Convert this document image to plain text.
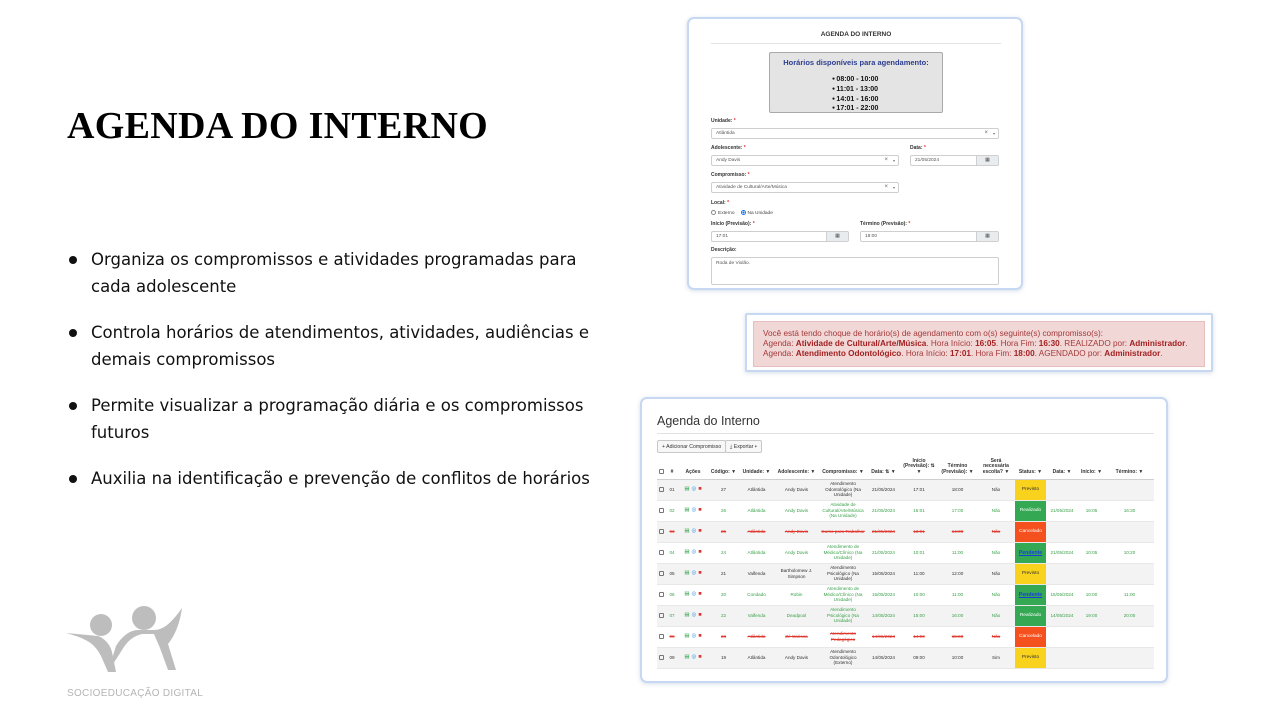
AGENDA DO INTERNO
Organiza os compromissos e atividades programadas para cada adolescente
Controla horários de atendimentos, atividades, audiências e demais compromissos
Permite visualizar a programação diária e os compromissos futuros
Auxilia na identificação e prevenção de conflitos de horários
SOCIOEDUCAÇÃO DIGITAL
AGENDA DO INTERNO
Horários disponíveis para agendamento:
● 08:00 - 10:00
● 11:01 - 13:00
● 14:01 - 16:00
● 17:01 - 22:00
Unidade: *
Atlântida	× ▾
Adolescente: *
Andy Davis	× ▾
Data: *
21/05/2024	▦
Compromisso: *
Atividade de Cultural/Arte/Música	× ▾
Local: *
Externo	Na Unidade
Início (Previsão): *
17:01	▦
Término (Previsão): *
18:00	▦
Descrição:
Roda de Violão.
Você está tendo choque de horário(s) de agendamento com o(s) seguinte(s) compromisso(s):
Agenda: Atividade de Cultural/Arte/Música. Hora Início: 16:05. Hora Fim: 16:30. REALIZADO por: Administrador.
Agenda: Atendimento Odontológico. Hora Início: 17:01. Hora Fim: 18:00. AGENDADO por: Administrador.
Agenda do Interno
+ Adicionar Compromisso	⤓ Exportar ▾
	#	Ações	Código: ▼	Unidade: ▼	Adolescente: ▼	Compromisso: ▼	Data: ⇅ ▼	Início (Previsão): ⇅ ▼	Término (Previsão): ▼	Será necessária escolta? ▼	Status: ▼	Data: ▼	Início: ▼	Término: ▼
	01	▤ ◎ ■	27	Atlântida	Andy Davis	Atendimento Odontológico (Na Unidade)	21/05/2024	17:01	18:00	Não	Previsto			

	02	▤ ◎ ■	26	Atlântida	Andy Davis	Atividade de Cultural/Arte/Música (Na Unidade)	21/05/2024	16:01	17:00	Não	Realizado	21/05/2024	16:05	16:30
	03	▤ ◎ ■	25	Atlântida	Andy Davis	Curso para Trabalhar	21/05/2024	13:01	14:00	Não	Cancelado			

	04	▤ ◎ ■	24	Atlântida	Andy Davis	Atendimento de Médico/Clínico (Na Unidade)	21/05/2024	10:01	11:00	Não	Pendente	21/05/2024	10:05	10:20
	05	▤ ◎ ■	21	Valfenda	Bartholomew J. Simpson	Atendimento Psicológico (Na Unidade)	15/05/2024	11:00	12:00	Não	Previsto			

	06	▤ ◎ ■	20	Condado	Robin	Atendimento de Médico/Clínico (Na Unidade)	15/05/2024	10:00	11:00	Não	Pendente	15/05/2024	10:00	11:00
	07	▤ ◎ ■	22	Valfenda	Deadpool	Atendimento Psicológico (Na Unidade)	14/05/2024	15:00	16:00	Não	Realizado	14/05/2024	19:00	20:00
	08	▤ ◎ ■	23	Atlântida	Zé Carioca	Atendimento Pedagógico	14/05/2024	14:00	15:00	Não	Cancelado			

	09	▤ ◎ ■	19	Atlântida	Andy Davis	Atendimento Odontológico (Externo)	14/05/2024	09:00	10:00	Sim	Previsto			
